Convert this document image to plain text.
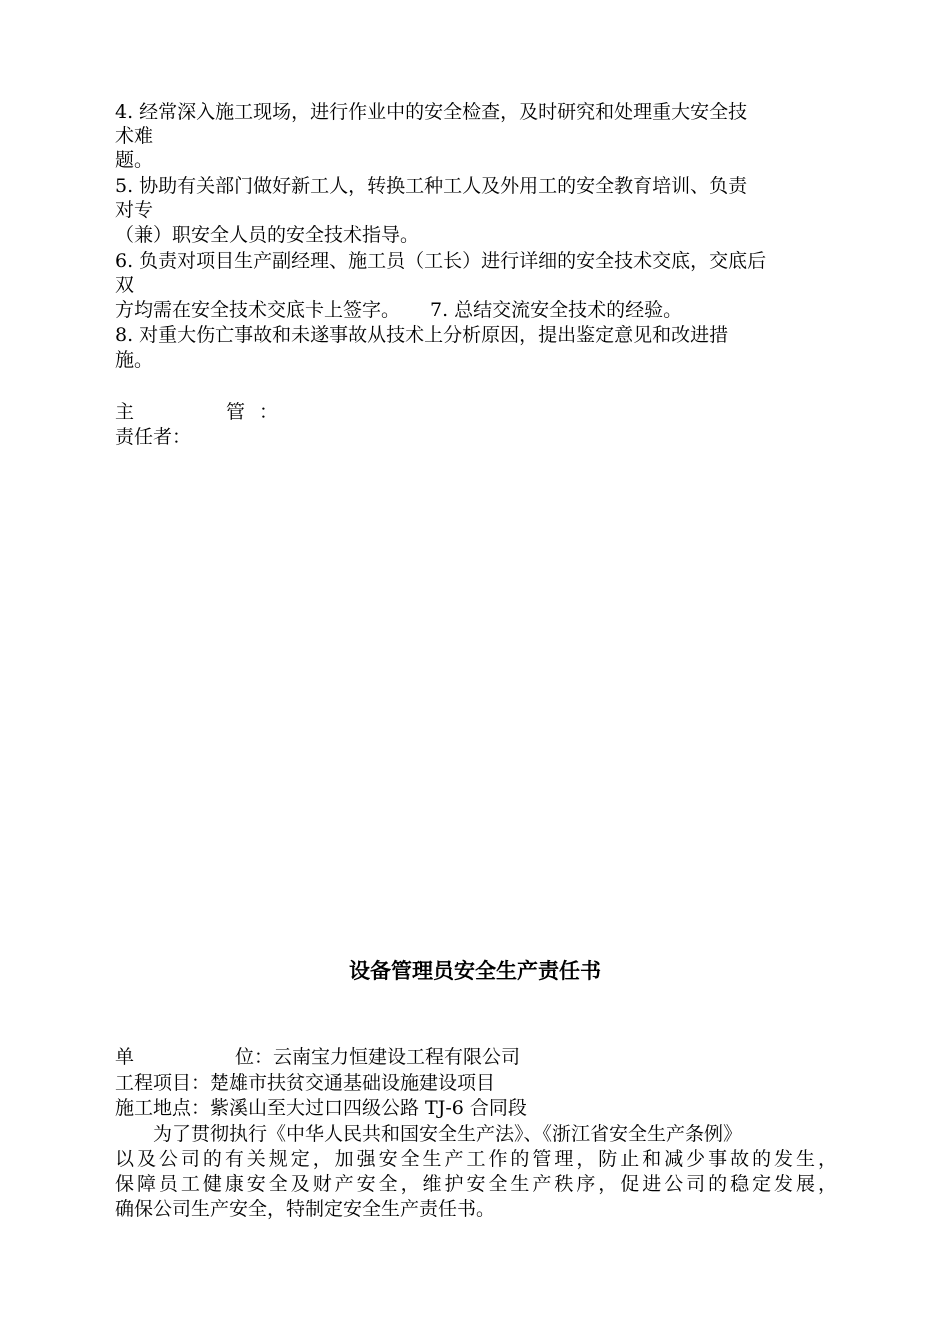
4. 经常深入施工现场，进行作业中的安全检查，及时研究和处理重大安全技
术难
题。
5. 协助有关部门做好新工人，转换工种工人及外用工的安全教育培训、负责
对专
（兼）职安全人员的安全技术指导。
6. 负责对项目生产副经理、施工员（工长）进行详细的安全技术交底，交底后
双
方均需在安全技术交底卡上签字。 7. 总结交流安全技术的经验。
8. 对重大伤亡事故和未遂事故从技术上分析原因，提出鉴定意见和改进措
施。
主	管 ：
责任者：
设备管理员安全生产责任书
单	位：云南宝力恒建设工程有限公司
工程项目：楚雄市扶贫交通基础设施建设项目
施工地点：紫溪山至大过口四级公路 TJ-6 合同段
为了贯彻执行《中华人民共和国安全生产法》、《浙江省安全生产条例》
以及公司的有关规定，加强安全生产工作的管理，防止和减少事故的发生，
保障员工健康安全及财产安全，维护安全生产秩序，促进公司的稳定发展，
确保公司生产安全，特制定安全生产责任书。
